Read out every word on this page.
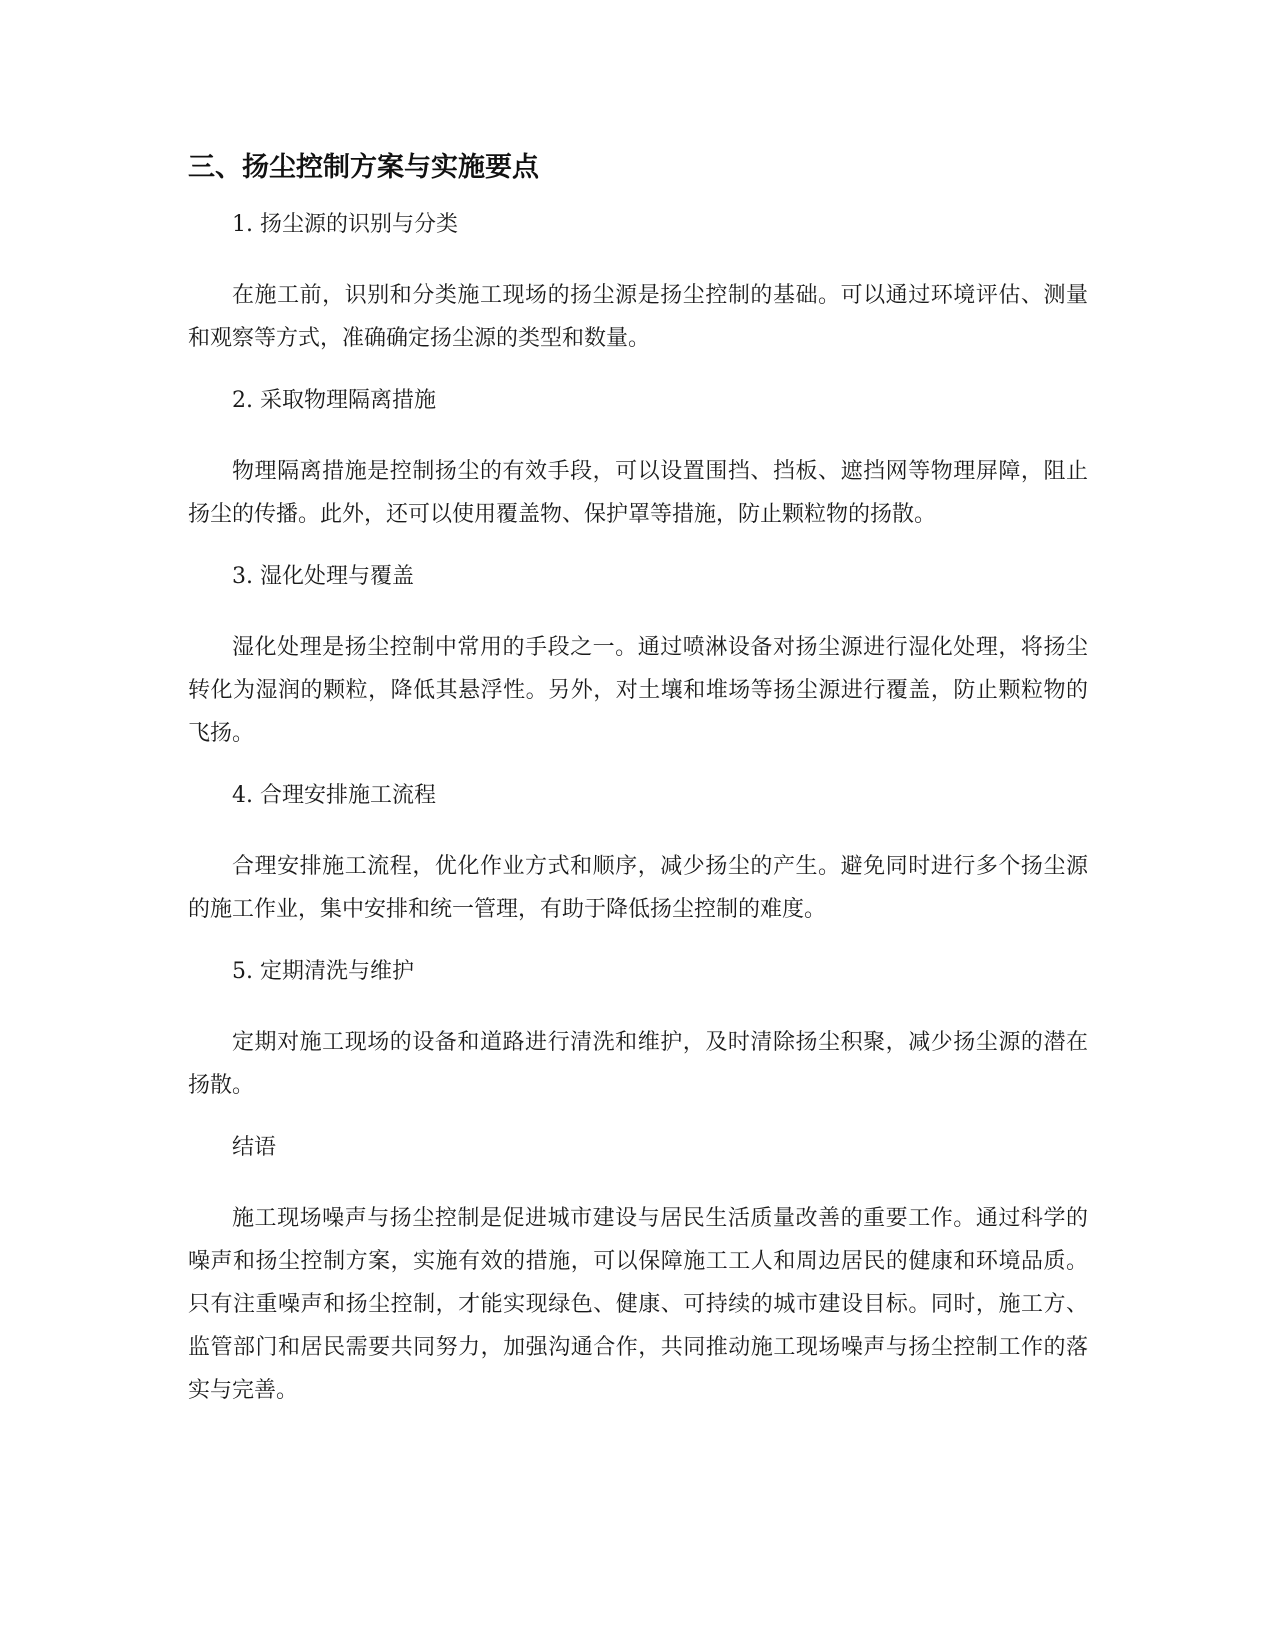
三、扬尘控制方案与实施要点

1. 扬尘源的识别与分类

在施工前，识别和分类施工现场的扬尘源是扬尘控制的基础。可以通过环境评估、测量和观察等方式，准确确定扬尘源的类型和数量。

2. 采取物理隔离措施

物理隔离措施是控制扬尘的有效手段，可以设置围挡、挡板、遮挡网等物理屏障，阻止扬尘的传播。此外，还可以使用覆盖物、保护罩等措施，防止颗粒物的扬散。

3. 湿化处理与覆盖

湿化处理是扬尘控制中常用的手段之一。通过喷淋设备对扬尘源进行湿化处理，将扬尘转化为湿润的颗粒，降低其悬浮性。另外，对土壤和堆场等扬尘源进行覆盖，防止颗粒物的飞扬。

4. 合理安排施工流程

合理安排施工流程，优化作业方式和顺序，减少扬尘的产生。避免同时进行多个扬尘源的施工作业，集中安排和统一管理，有助于降低扬尘控制的难度。

5. 定期清洗与维护

定期对施工现场的设备和道路进行清洗和维护，及时清除扬尘积聚，减少扬尘源的潜在扬散。

结语

施工现场噪声与扬尘控制是促进城市建设与居民生活质量改善的重要工作。通过科学的噪声和扬尘控制方案，实施有效的措施，可以保障施工工人和周边居民的健康和环境品质。只有注重噪声和扬尘控制，才能实现绿色、健康、可持续的城市建设目标。同时，施工方、监管部门和居民需要共同努力，加强沟通合作，共同推动施工现场噪声与扬尘控制工作的落实与完善。
